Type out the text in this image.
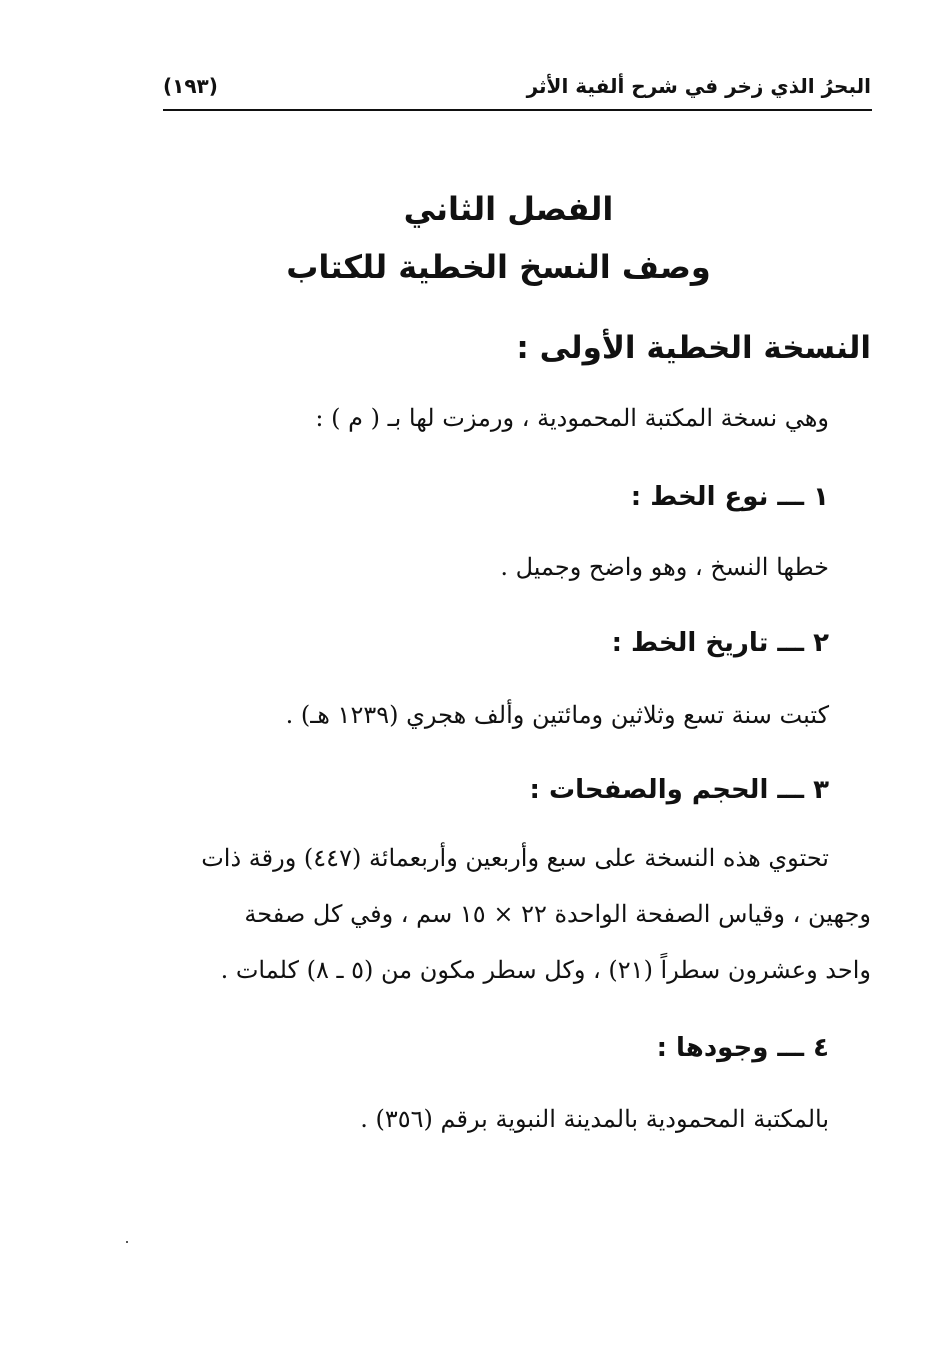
البحرُ الذي زخر في شرح ألفية الأثر
(١٩٣)
الفصل الثاني
وصف النسخ الخطية للكتاب
النسخة الخطية الأولى :
وهي نسخة المكتبة المحمودية ، ورمزت لها بـ ( م ) :
١ ـــ نوع الخط :
خطها النسخ ، وهو واضح وجميل .
٢ ـــ تاريخ الخط :
كتبت سنة تسع وثلاثين ومائتين وألف هجري (١٢٣٩ هـ) .
٣ ـــ الحجم والصفحات :
تحتوي هذه النسخة على سبع وأربعين وأربعمائة (٤٤٧) ورقة ذات
وجهين ، وقياس الصفحة الواحدة ٢٢ × ١٥ سم ، وفي كل صفحة
واحد وعشرون سطراً (٢١) ، وكل سطر مكون من (٥ ـ ٨) كلمات .
٤ ـــ وجودها :
بالمكتبة المحمودية بالمدينة النبوية برقم (٣٥٦) .
